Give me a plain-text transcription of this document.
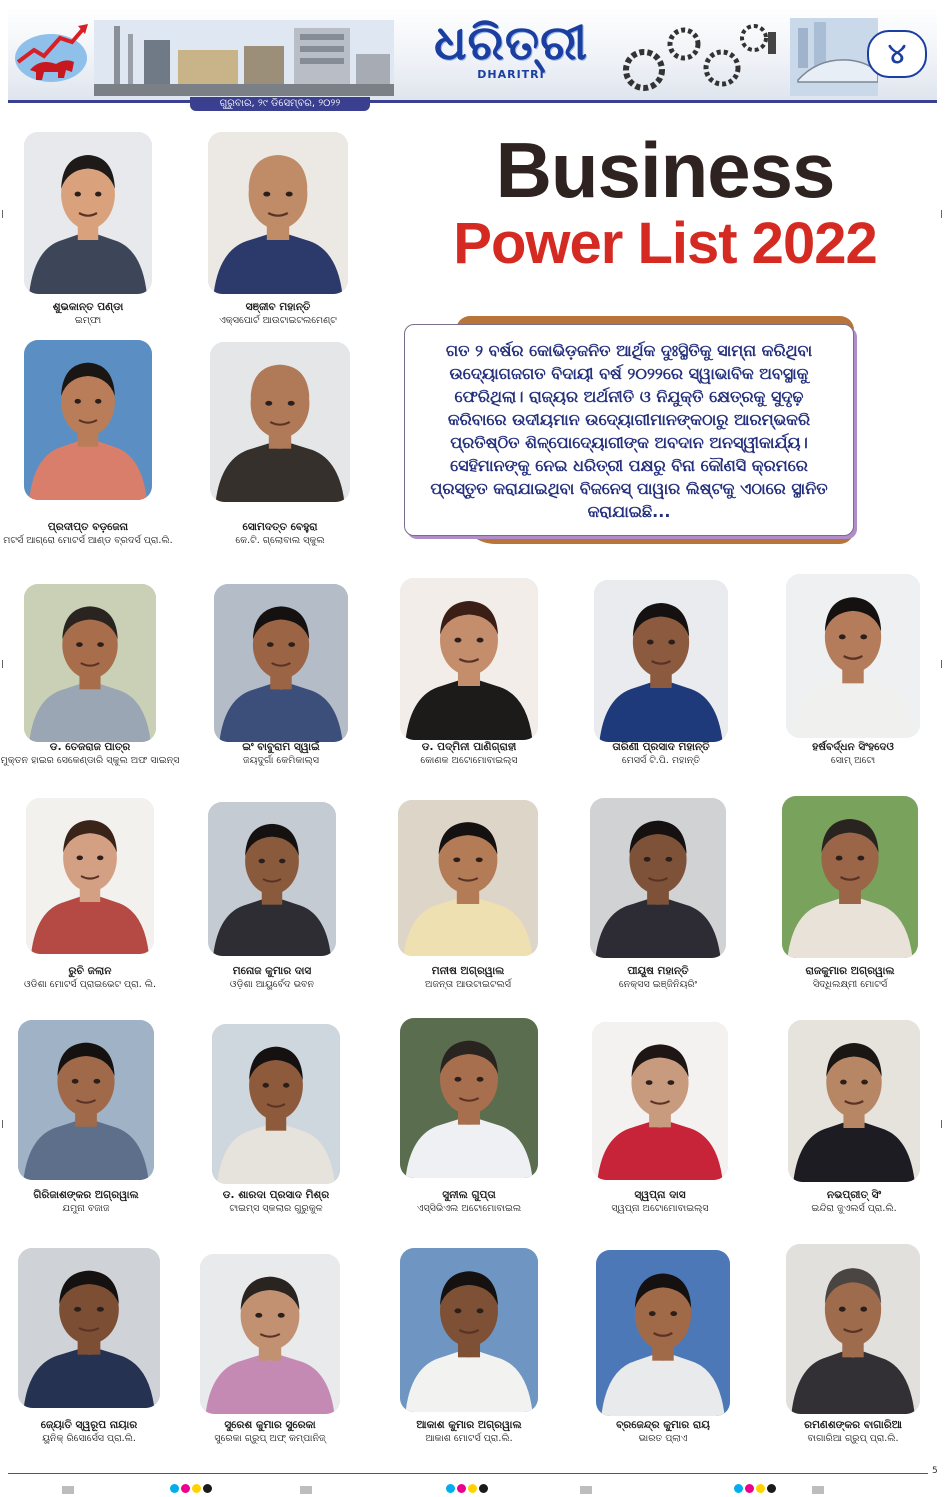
ଧରିତ୍ରୀ
DHARITRI
୪
ଗୁରୁବାର, ୨୯ ଡିସେମ୍ବର, ୨୦୨୨
Business
Power List 2022
ଗତ ୨ ବର୍ଷର କୋଭିଡ଼ଜନିତ ଆର୍ଥିକ ଦୁଃସ୍ଥିତିକୁ ସାମ୍ନା କରିଥିବା ଉଦ୍ୟୋଗଜଗତ ବିଦାୟୀ ବର୍ଷ ୨୦୨୨ରେ ସ୍ୱାଭାବିକ ଅବସ୍ଥାକୁ ଫେରିଥିଲା। ରାଜ୍ୟର ଅର୍ଥନୀତି ଓ ନିଯୁକ୍ତି କ୍ଷେତ୍ରକୁ ସୁଦୃଢ଼ କରିବାରେ ଉଦୀୟମାନ ଉଦ୍ୟୋଗୀମାନଙ୍କଠାରୁ ଆରମ୍ଭକରି ପ୍ରତିଷ୍ଠିତ ଶିଳ୍ପୋଦ୍ୟୋଗୀଙ୍କ ଅବଦାନ ଅନସ୍ୱୀକାର୍ଯ୍ୟ। ସେହିମାନଙ୍କୁ ନେଇ ଧରିତ୍ରୀ ପକ୍ଷରୁ ବିନା କୌଣସି କ୍ରମରେ ପ୍ରସ୍ତୁତ କରାଯାଇଥିବା ବିଜନେସ୍ ପାୱାର ଲିଷ୍ଟକୁ ଏଠାରେ ସ୍ଥାନିତ କରାଯାଇଛି...
ଶୁଭକାନ୍ତ ପଣ୍ଡା
ଇମ୍ଫା
ସଞ୍ଜୀବ ମହାନ୍ତି
ଏକ୍ସପୋର୍ଟ ଆଉଟାଇଟଲମେଣ୍ଟ
ପ୍ରଦୀପ୍ତ ବଡ଼ଜେନା
ମଟର୍ସ ଆଗ୍ରୋ ମୋଟର୍ସ ଆଣ୍ଡ ବ୍ରଦର୍ସ ପ୍ରା.ଲି.
ସୋମଦତ୍ତ ବେହୁରା
କେ.ଟି. ଗ୍ଲୋବାଲ ସ୍କୁଲ
ଡ. ତେଜରାଜ ପାତ୍ର
ମୁକ୍ତନ ହାଇର ସେକେଣ୍ଡାରି ସ୍କୁଲ ଅଫ ସାଇନ୍ସ
ଇଂ ବାବୁରାମ ସ୍ୱାଇଁ
ଜୟଦୁର୍ଗା କେମିକାଲ୍ସ
ଡ. ପଦ୍ମିନୀ ପାଣିଗ୍ରାହୀ
କୋଣକ ଅଟୋମୋବାଇଲ୍ସ
ତାରିଣୀ ପ୍ରସାଦ ମହାନ୍ତି
ମେସର୍ସ ଟି.ପି. ମହାନ୍ତି
ହର୍ଷବର୍ଦ୍ଧନ ସିଂହଦେଓ
ସୋମ୍ ଅଟୋ
ରୁଚି ଜଲାନ
ଓଡିଶା ମୋଟର୍ସ ପ୍ରାଇଭେଟ ପ୍ରା. ଲି.
ମନୋଜ କୁମାର ଦାସ
ଓଡ଼ିଶା ଆୟୁର୍ବେଦ ଭବନ
ମନୀଷ ଅଗ୍ରୱାଲ
ଅଜନ୍ତା ଆଉଟାଇଟଲର୍ସ
ପୀୟୂଷ ମହାନ୍ତି
ନେକ୍ସସ ଇଞ୍ଜିନିୟରିଂ
ରାଜକୁମାର ଅଗ୍ରୱାଲ
ସିଦ୍ଧିଲକ୍ଷ୍ମୀ ମୋଟର୍ସ
ଗିରିଜାଶଙ୍କର ଅଗ୍ରୱାଲ
ଯମୁନା ବଜାଜ
ଡ. ଶାରଦା ପ୍ରସାଦ ମିଶ୍ର
ଟାଇମ୍ସ ସ୍କଲାର ଗୁରୁକୁଳ
ସୁନୀଲ ଗୁପ୍ତା
ଏସ୍ସିଭିଏଲ ଅଟୋମୋବାଇଲ
ସ୍ୱପ୍ନା ଦାସ
ସ୍ୱପ୍ନା ଅଟୋମୋବାଇଲ୍ସ
ନଭପ୍ରୀତ୍ ସିଂ
ଇନ୍ଦିରା ଜୁଏଲର୍ସ ପ୍ରା.ଲି.
ଜ୍ୟୋତି ସ୍ୱରୂପ ନାୟାର
ୟୁନିକ୍ ରିସୋର୍ସେସ ପ୍ରା.ଲି.
ସୁରେଶ କୁମାର ସୁରେକା
ସୁରେକା ଗ୍ରୁପ୍ ଅଫ୍ କମ୍ପାନିଜ୍
ଆକାଶ କୁମାର ଅଗ୍ରୱାଲ
ଆକାଶ ମୋଟର୍ସ ପ୍ରା.ଲି.
ବ୍ରଜେନ୍ଦ୍ର କୁମାର ରାୟ
ଭାରତ ପ୍ଲାଏ
ରମଣଶଙ୍କର ବାଗାରିଆ
ବାଗାରିଆ ଗ୍ରୁପ୍ ପ୍ରା.ଲି.
5
